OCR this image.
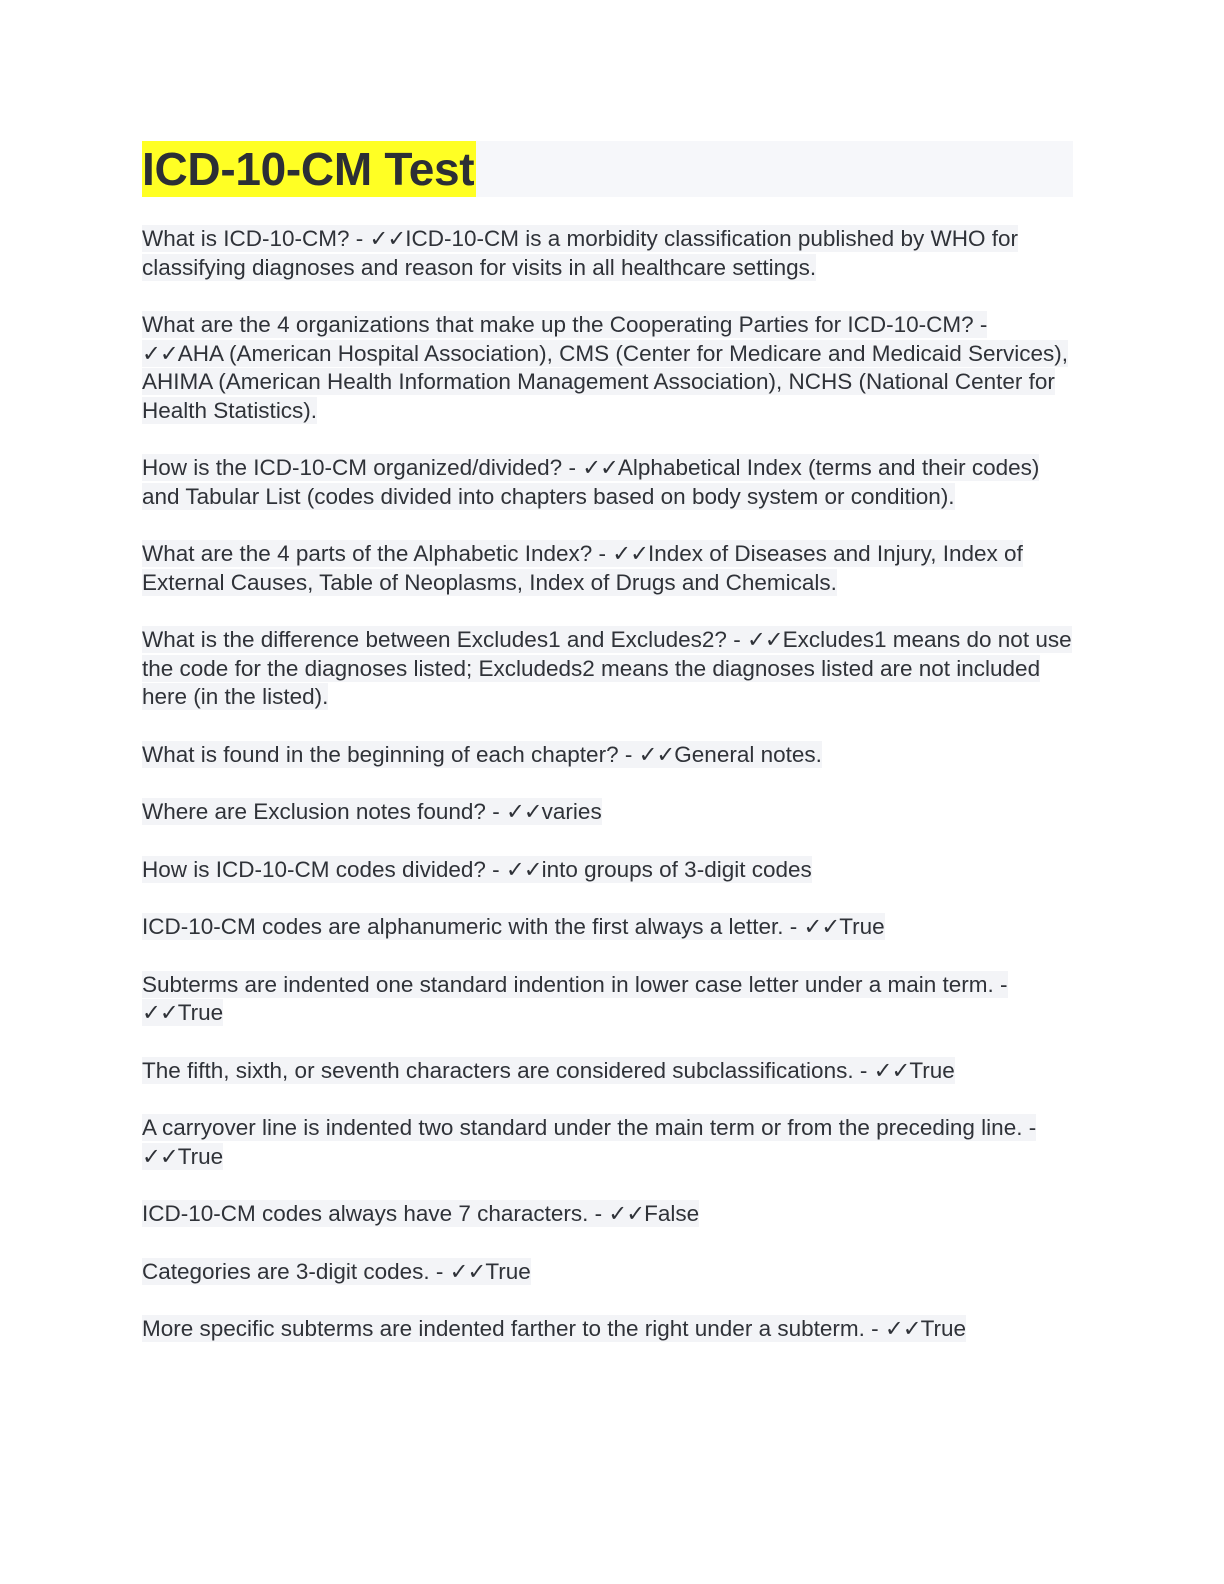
ICD-10-CM Test
What is ICD-10-CM? - ✓✓ICD-10-CM is a morbidity classification published by WHO for classifying diagnoses and reason for visits in all healthcare settings.
What are the 4 organizations that make up the Cooperating Parties for ICD-10-CM? - ✓✓AHA (American Hospital Association), CMS (Center for Medicare and Medicaid Services), AHIMA (American Health Information Management Association), NCHS (National Center for Health Statistics).
How is the ICD-10-CM organized/divided? - ✓✓Alphabetical Index (terms and their codes) and Tabular List (codes divided into chapters based on body system or condition).
What are the 4 parts of the Alphabetic Index? - ✓✓Index of Diseases and Injury, Index of External Causes, Table of Neoplasms, Index of Drugs and Chemicals.
What is the difference between Excludes1 and Excludes2? - ✓✓Excludes1 means do not use the code for the diagnoses listed; Excludeds2 means the diagnoses listed are not included here (in the listed).
What is found in the beginning of each chapter? - ✓✓General notes.
Where are Exclusion notes found? - ✓✓varies
How is ICD-10-CM codes divided? - ✓✓into groups of 3-digit codes
ICD-10-CM codes are alphanumeric with the first always a letter. - ✓✓True
Subterms are indented one standard indention in lower case letter under a main term. - ✓✓True
The fifth, sixth, or seventh characters are considered subclassifications. - ✓✓True
A carryover line is indented two standard under the main term or from the preceding line. - ✓✓True
ICD-10-CM codes always have 7 characters. - ✓✓False
Categories are 3-digit codes. - ✓✓True
More specific subterms are indented farther to the right under a subterm. - ✓✓True
